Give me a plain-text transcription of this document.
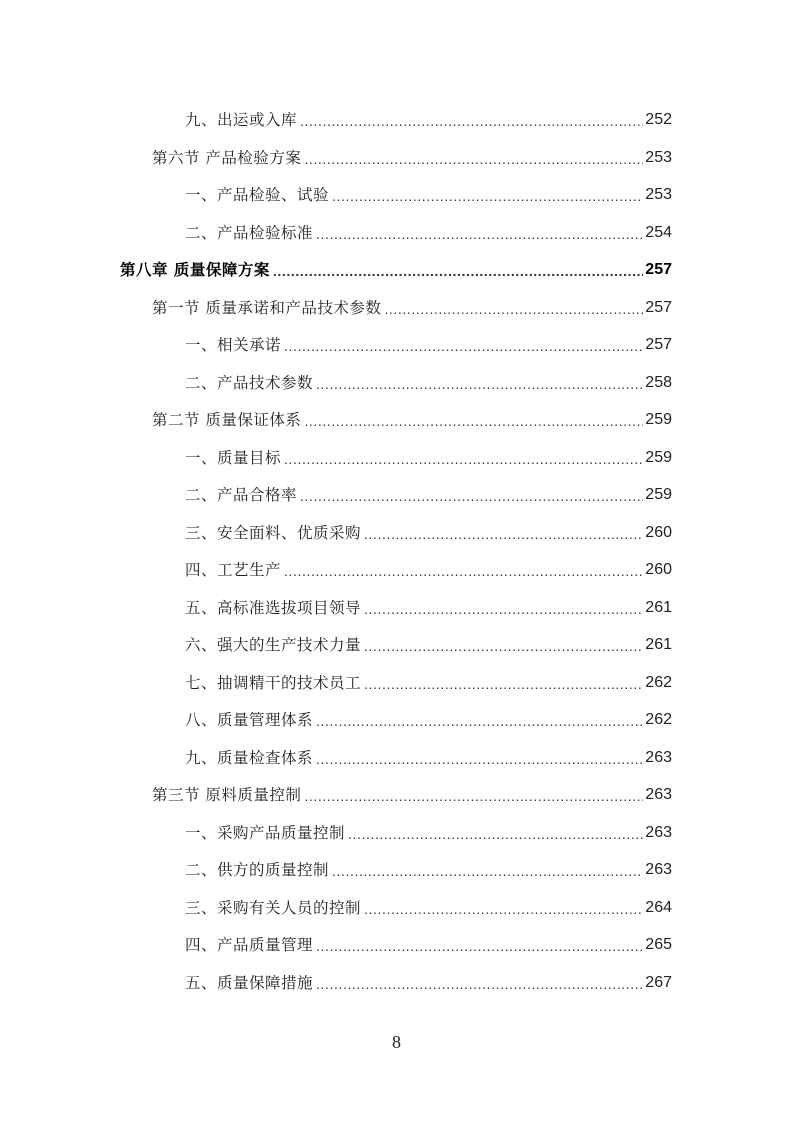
九、出运或入库 .....	252
第六节 产品检验方案 .....	253
一、产品检验、试验 .....	253
二、产品检验标准 .....	254
第八章 质量保障方案 .....	257
第一节 质量承诺和产品技术参数 .....	257
一、相关承诺 .....	257
二、产品技术参数 .....	258
第二节 质量保证体系 .....	259
一、质量目标 .....	259
二、产品合格率 .....	259
三、安全面料、优质采购 .....	260
四、工艺生产 .....	260
五、高标准选拔项目领导 .....	261
六、强大的生产技术力量 .....	261
七、抽调精干的技术员工 .....	262
八、质量管理体系 .....	262
九、质量检查体系 .....	263
第三节 原料质量控制 .....	263
一、采购产品质量控制 .....	263
二、供方的质量控制 .....	263
三、采购有关人员的控制 .....	264
四、产品质量管理 .....	265
五、质量保障措施 .....	267
8
